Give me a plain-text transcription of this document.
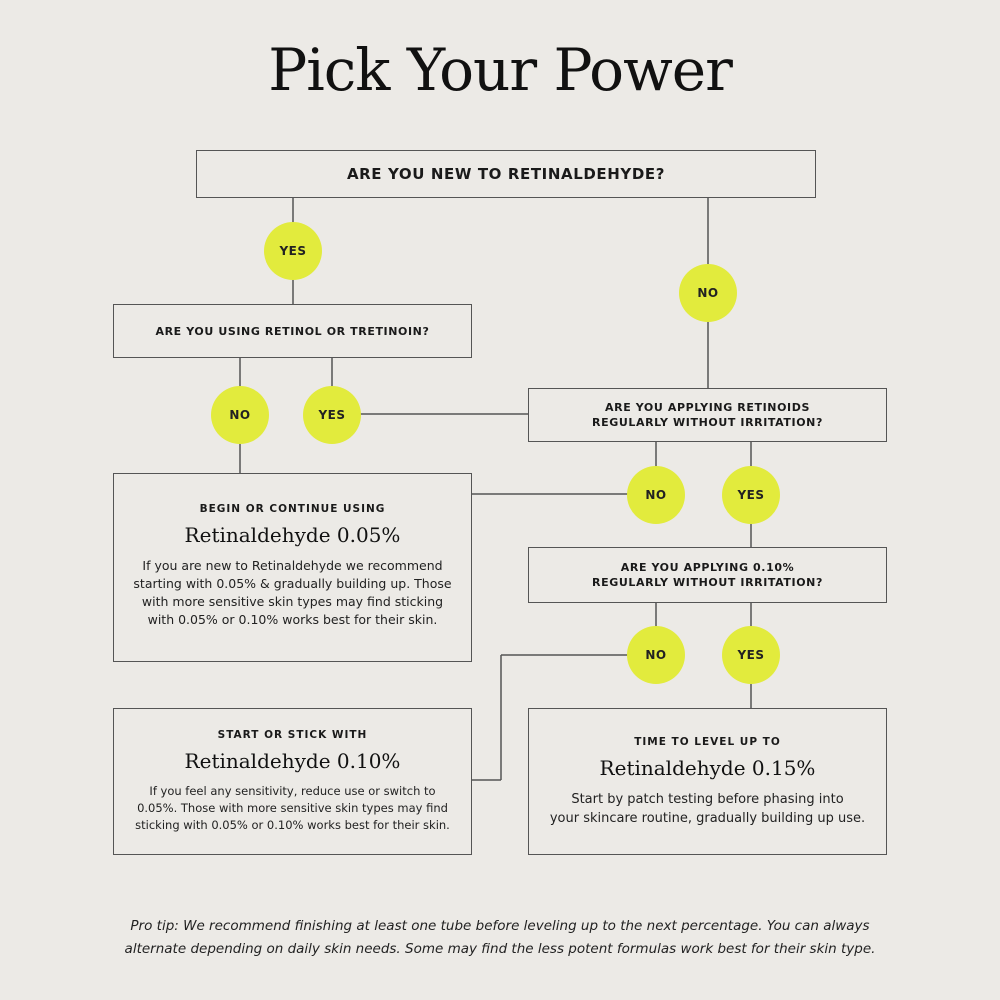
Pick Your Power
ARE YOU NEW TO RETINALDEHYDE?
ARE YOU USING RETINOL OR TRETINOIN?
ARE YOU APPLYING RETINOIDS
REGULARLY WITHOUT IRRITATION?
ARE YOU APPLYING 0.10%
REGULARLY WITHOUT IRRITATION?
YES
NO
NO	YES
NO	YES
NO	YES
BEGIN OR CONTINUE USING
Retinaldehyde 0.05%
If you are new to Retinaldehyde we recommend
starting with 0.05% & gradually building up. Those
with more sensitive skin types may find sticking
with 0.05% or 0.10% works best for their skin.
START OR STICK WITH
Retinaldehyde 0.10%
If you feel any sensitivity, reduce use or switch to
0.05%. Those with more sensitive skin types may find
sticking with 0.05% or 0.10% works best for their skin.
TIME TO LEVEL UP TO
Retinaldehyde 0.15%
Start by patch testing before phasing into
your skincare routine, gradually building up use.
Pro tip: We recommend finishing at least one tube before leveling up to the next percentage. You can always
alternate depending on daily skin needs. Some may find the less potent formulas work best for their skin type.
